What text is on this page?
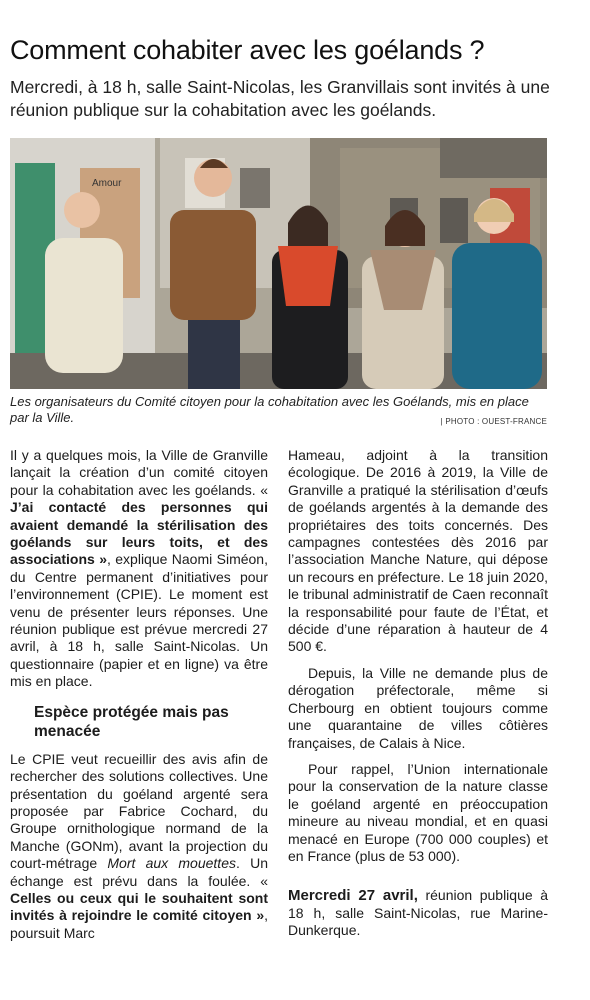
Comment cohabiter avec les goélands ?

Mercredi, à 18 h, salle Saint-Nicolas, les Granvillais sont invités à une réunion publique sur la cohabitation avec les goélands.

Amour
Les organisateurs du Comité citoyen pour la cohabitation avec les Goélands, mis en place par la Ville.	| PHOTO : OUEST-FRANCE

Il y a quelques mois, la Ville de Granville lançait la création d’un comité citoyen pour la cohabitation avec les goélands. « J’ai contacté des personnes qui avaient demandé la stérilisation des goélands sur leurs toits, et des associations », explique Naomi Siméon, du Centre permanent d’initiatives pour l’environnement (CPIE). Le moment est venu de présenter leurs réponses. Une réunion publique est prévue mercredi 27 avril, à 18 h, salle Saint-Nicolas. Un questionnaire (papier et en ligne) va être mis en place.

Espèce protégée mais pas menacée

Le CPIE veut recueillir des avis afin de rechercher des solutions collectives. Une présentation du goéland argenté sera proposée par Fabrice Cochard, du Groupe ornithologique normand de la Manche (GONm), avant la projection du court-métrage Mort aux mouettes. Un échange est prévu dans la foulée. « Celles ou ceux qui le souhaitent sont invités à rejoindre le comité citoyen », poursuit Marc

Hameau, adjoint à la transition écologique. De 2016 à 2019, la Ville de Granville a pratiqué la stérilisation d’œufs de goélands argentés à la demande des propriétaires des toits concernés. Des campagnes contestées dès 2016 par l’association Manche Nature, qui dépose un recours en préfecture. Le 18 juin 2020, le tribunal administratif de Caen reconnaît la responsabilité pour faute de l’État, et décide d’une réparation à hauteur de 4 500 €.

Depuis, la Ville ne demande plus de dérogation préfectorale, même si Cherbourg en obtient toujours comme une quarantaine de villes côtières françaises, de Calais à Nice.

Pour rappel, l’Union internationale pour la conservation de la nature classe le goéland argenté en préoccupation mineure au niveau mondial, et en quasi menacé en Europe (700 000 couples) et en France (plus de 53 000).

Mercredi 27 avril, réunion publique à 18 h, salle Saint-Nicolas, rue Marine-Dunkerque.
